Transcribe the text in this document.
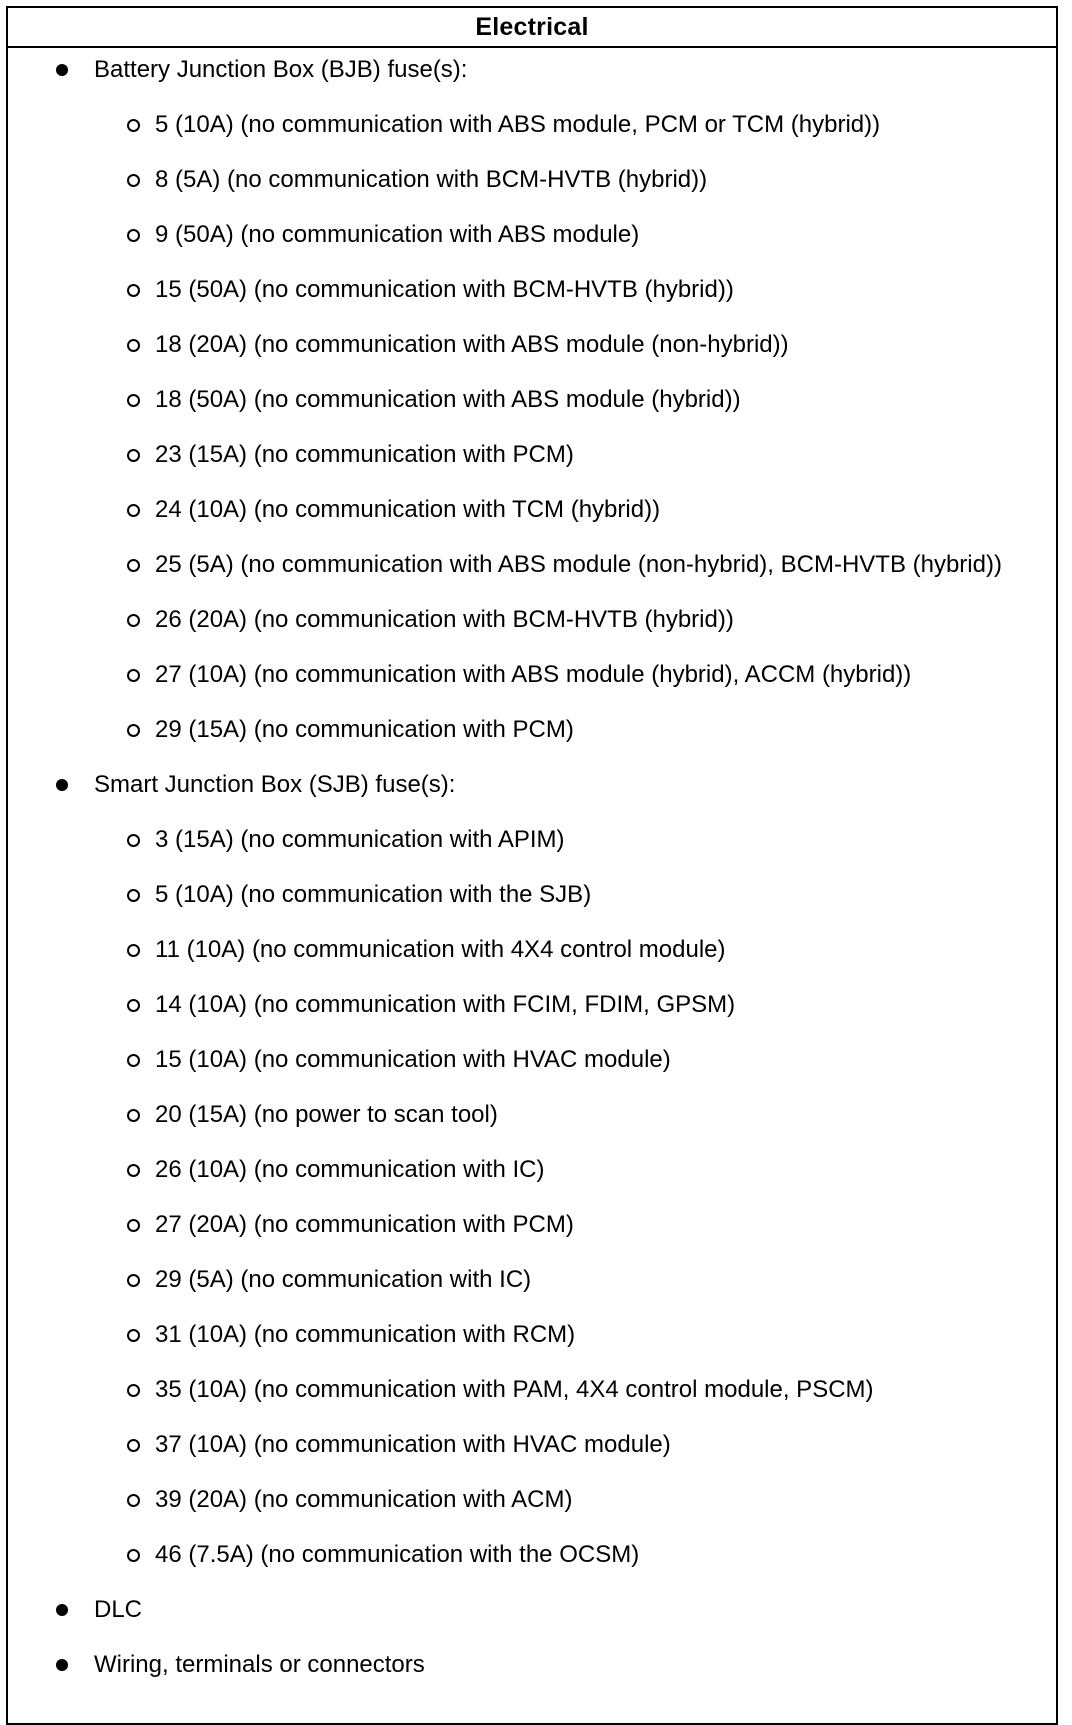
Electrical
Battery Junction Box (BJB) fuse(s):
5 (10A) (no communication with ABS module, PCM or TCM (hybrid))
8 (5A) (no communication with BCM-HVTB (hybrid))
9 (50A) (no communication with ABS module)
15 (50A) (no communication with BCM-HVTB (hybrid))
18 (20A) (no communication with ABS module (non-hybrid))
18 (50A) (no communication with ABS module (hybrid))
23 (15A) (no communication with PCM)
24 (10A) (no communication with TCM (hybrid))
25 (5A) (no communication with ABS module (non-hybrid), BCM-HVTB (hybrid))
26 (20A) (no communication with BCM-HVTB (hybrid))
27 (10A) (no communication with ABS module (hybrid), ACCM (hybrid))
29 (15A) (no communication with PCM)
Smart Junction Box (SJB) fuse(s):
3 (15A) (no communication with APIM)
5 (10A) (no communication with the SJB)
11 (10A) (no communication with 4X4 control module)
14 (10A) (no communication with FCIM, FDIM, GPSM)
15 (10A) (no communication with HVAC module)
20 (15A) (no power to scan tool)
26 (10A) (no communication with IC)
27 (20A) (no communication with PCM)
29 (5A) (no communication with IC)
31 (10A) (no communication with RCM)
35 (10A) (no communication with PAM, 4X4 control module, PSCM)
37 (10A) (no communication with HVAC module)
39 (20A) (no communication with ACM)
46 (7.5A) (no communication with the OCSM)
DLC
Wiring, terminals or connectors
